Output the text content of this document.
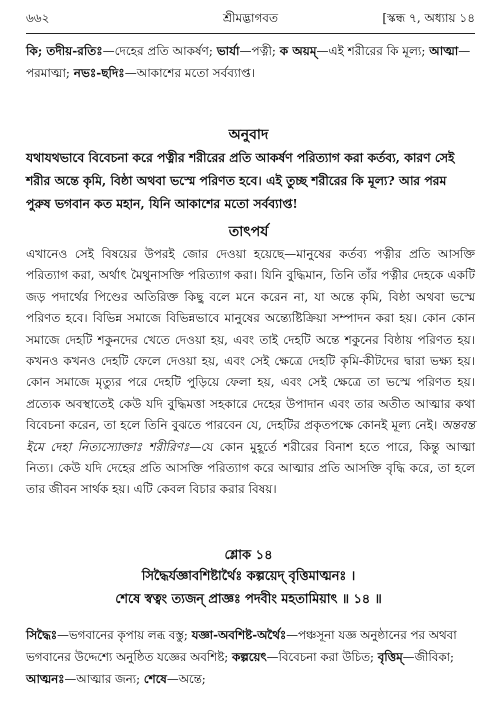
৬৬২	শ্রীমদ্ভাগবত	[স্কন্ধ ৭, অধ্যায় ১৪
কি; তদীয়-রতিঃ—দেহের প্রতি আকর্ষণ; ভার্যা—পত্নী; ক অয়ম্—এই শরীরের কি মূল্য; আত্মা—পরমাত্মা; নভঃ-ছদিঃ—আকাশের মতো সর্বব্যাপ্ত।
অনুবাদ
যথাযথভাবে বিবেচনা করে পত্নীর শরীরের প্রতি আকর্ষণ পরিত্যাগ করা কর্তব্য, কারণ সেই শরীর অন্তে কৃমি, বিষ্ঠা অথবা ভস্মে পরিণত হবে। এই তুচ্ছ শরীরের কি মূল্য? আর পরম পুরুষ ভগবান কত মহান, যিনি আকাশের মতো সর্বব্যাপ্ত!
তাৎপর্য

এখানেও সেই বিষয়ের উপরই জোর দেওয়া হয়েছে—মানুষের কর্তব্য পত্নীর প্রতি আসক্তি পরিত্যাগ করা, অর্থাৎ মৈথুনাসক্তি পরিত্যাগ করা। যিনি বুদ্ধিমান, তিনি তাঁর পত্নীর দেহকে একটি জড় পদার্থের পিণ্ডের অতিরিক্ত কিছু বলে মনে করেন না, যা অন্তে কৃমি, বিষ্ঠা অথবা ভস্মে পরিণত হবে। বিভিন্ন সমাজে বিভিন্নভাবে মানুষের অন্ত্যেষ্টিক্রিয়া সম্পাদন করা হয়। কোন কোন সমাজে দেহটি শকুনদের খেতে দেওয়া হয়, এবং তাই দেহটি অন্তে শকুনের বিষ্ঠায় পরিণত হয়। কখনও কখনও দেহটি ফেলে দেওয়া হয়, এবং সেই ক্ষেত্রে দেহটি কৃমি-কীটদের দ্বারা ভক্ষ্য হয়। কোন সমাজে মৃত্যুর পরে দেহটি পুড়িয়ে ফেলা হয়, এবং সেই ক্ষেত্রে তা ভস্মে পরিণত হয়। প্রত্যেক অবস্থাতেই কেউ যদি বুদ্ধিমত্তা সহকারে দেহের উপাদান এবং তার অতীত আত্মার কথা বিবেচনা করেন, তা হলে তিনি বুঝতে পারবেন যে, দেহটির প্রকৃতপক্ষে কোনই মূল্য নেই। অন্তবন্ত ইমে দেহা নিত্যস্যোক্তাঃ শরীরিণঃ—যে কোন মুহূর্তে শরীরের বিনাশ হতে পারে, কিন্তু আত্মা নিত্য। কেউ যদি দেহের প্রতি আসক্তি পরিত্যাগ করে আত্মার প্রতি আসক্তি বৃদ্ধি করে, তা হলে তার জীবন সার্থক হয়। এটি কেবল বিচার করার বিষয়।

শ্লোক ১৪
সিদ্ধৈর্যজ্ঞাবশিষ্টার্থৈঃ কল্পয়েদ্ বৃত্তিমাত্মনঃ ।
শেষে স্বত্বং ত্যজন্ প্রাজ্ঞঃ পদবীং মহতামিয়াৎ ॥ ১৪ ॥
সিদ্ধৈঃ—ভগবানের কৃপায় লব্ধ বস্তু; যজ্ঞা-অবশিষ্ট-অর্থৈঃ—পঞ্চসূনা যজ্ঞ অনুষ্ঠানের পর অথবা ভগবানের উদ্দেশ্যে অনুষ্ঠিত যজ্ঞের অবশিষ্ট; কল্পয়েৎ—বিবেচনা করা উচিত; বৃত্তিম্—জীবিকা; আত্মনঃ—আত্মার জন্য; শেষে—অন্তে;
